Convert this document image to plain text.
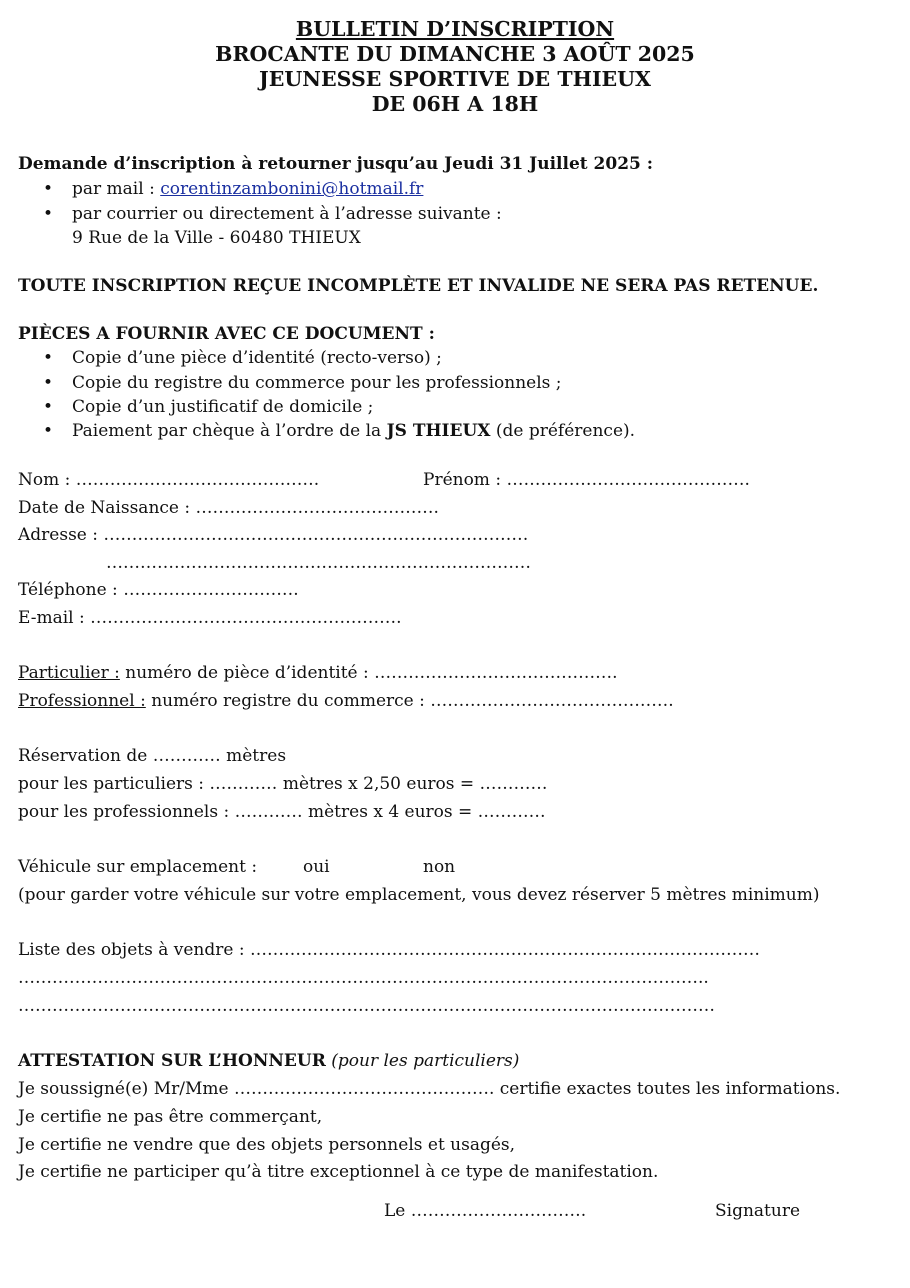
BULLETIN D’INSCRIPTION
BROCANTE DU DIMANCHE 3 AOÛT 2025
JEUNESSE SPORTIVE DE THIEUX
DE 06H A 18H
Demande d’inscription à retourner jusqu’au Jeudi 31 Juillet 2025 :
• par mail : corentinzambonini@hotmail.fr
• par courrier ou directement à l’adresse suivante :
9 Rue de la Ville - 60480 THIEUX
TOUTE INSCRIPTION REÇUE INCOMPLÈTE ET INVALIDE NE SERA PAS RETENUE.
PIÈCES A FOURNIR AVEC CE DOCUMENT :
• Copie d’une pièce d’identité (recto-verso) ;
• Copie du registre du commerce pour les professionnels ;
• Copie d’un justificatif de domicile ;
• Paiement par chèque à l’ordre de la JS THIEUX (de préférence).
Nom : …………………………………….	Prénom : …………………………………….
Date de Naissance : …………………………………….
Adresse : …………………………………………………………………
…………………………………………………………………
Téléphone : ………………………….
E-mail : ……………………………………………….
Particulier : numéro de pièce d’identité : …………………………………….
Professionnel : numéro registre du commerce : …………………………………….
Réservation de ………… mètres
pour les particuliers : ………… mètres x 2,50 euros = …………
pour les professionnels : ………… mètres x 4 euros = …………
Véhicule sur emplacement :	oui	non
(pour garder votre véhicule sur votre emplacement, vous devez réserver 5 mètres minimum)
Liste des objets à vendre : ………………………………………………………………………………
…………………………………………………………………………………………………………..
……………………………………………………………………………………………………………
ATTESTATION SUR L’HONNEUR (pour les particuliers)
Je soussigné(e) Mr/Mme ………………………………………. certifie exactes toutes les informations.
Je certifie ne pas être commerçant,
Je certifie ne vendre que des objets personnels et usagés,
Je certifie ne participer qu’à titre exceptionnel à ce type de manifestation.
Le ………………………….	Signature
